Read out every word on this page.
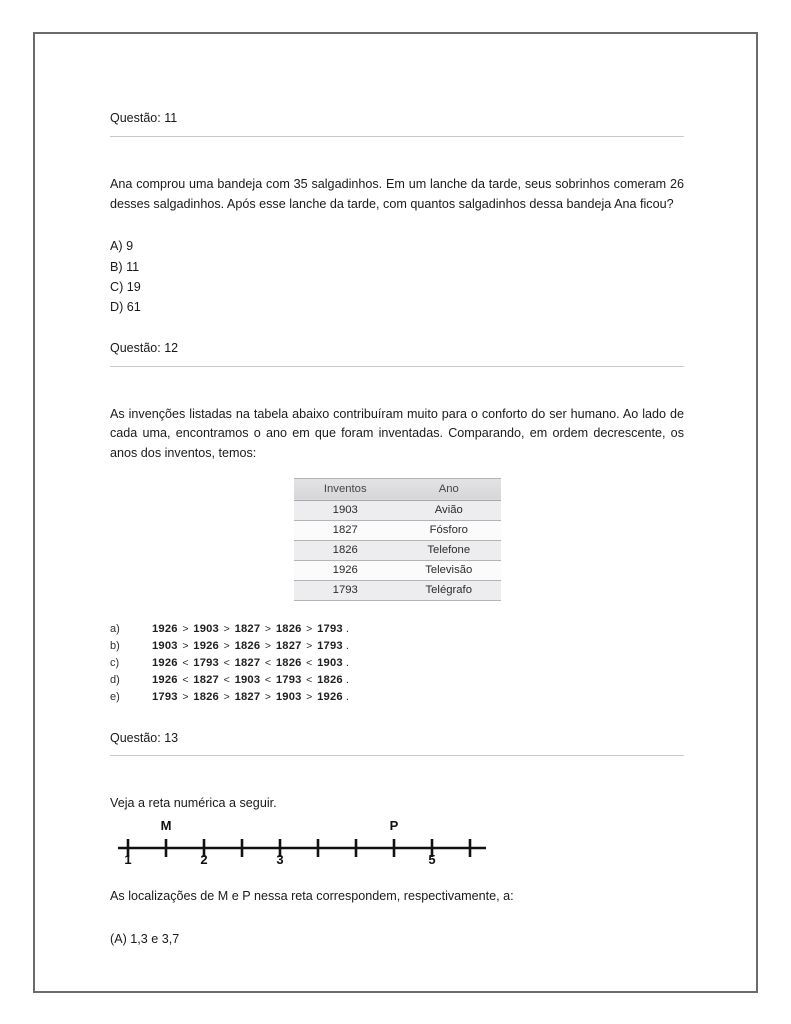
Questão: 11

Ana comprou uma bandeja com 35 salgadinhos. Em um lanche da tarde, seus sobrinhos comeram 26 desses salgadinhos. Após esse lanche da tarde, com quantos salgadinhos dessa bandeja Ana ficou?

A) 9
B) 11
C) 19
D) 61

Questão: 12

As invenções listadas na tabela abaixo contribuíram muito para o conforto do ser humano. Ao lado de cada uma, encontramos o ano em que foram inventadas. Comparando, em ordem decrescente, os anos dos inventos, temos:

Inventos	Ano
1903	Avião
1827	Fósforo
1826	Telefone
1926	Televisão
1793	Telégrafo
a)	1926 > 1903 > 1827 > 1826 > 1793 .
b)	1903 > 1926 > 1826 > 1827 > 1793 .
c)	1926 < 1793 < 1827 < 1826 < 1903 .
d)	1926 < 1827 < 1903 < 1793 < 1826 .
e)	1793 > 1826 > 1827 > 1903 > 1926 .

Questão: 13

Veja a reta numérica a seguir.

1	2	3	5
M	P

As localizações de M e P nessa reta correspondem, respectivamente, a:

(A) 1,3 e 3,7
